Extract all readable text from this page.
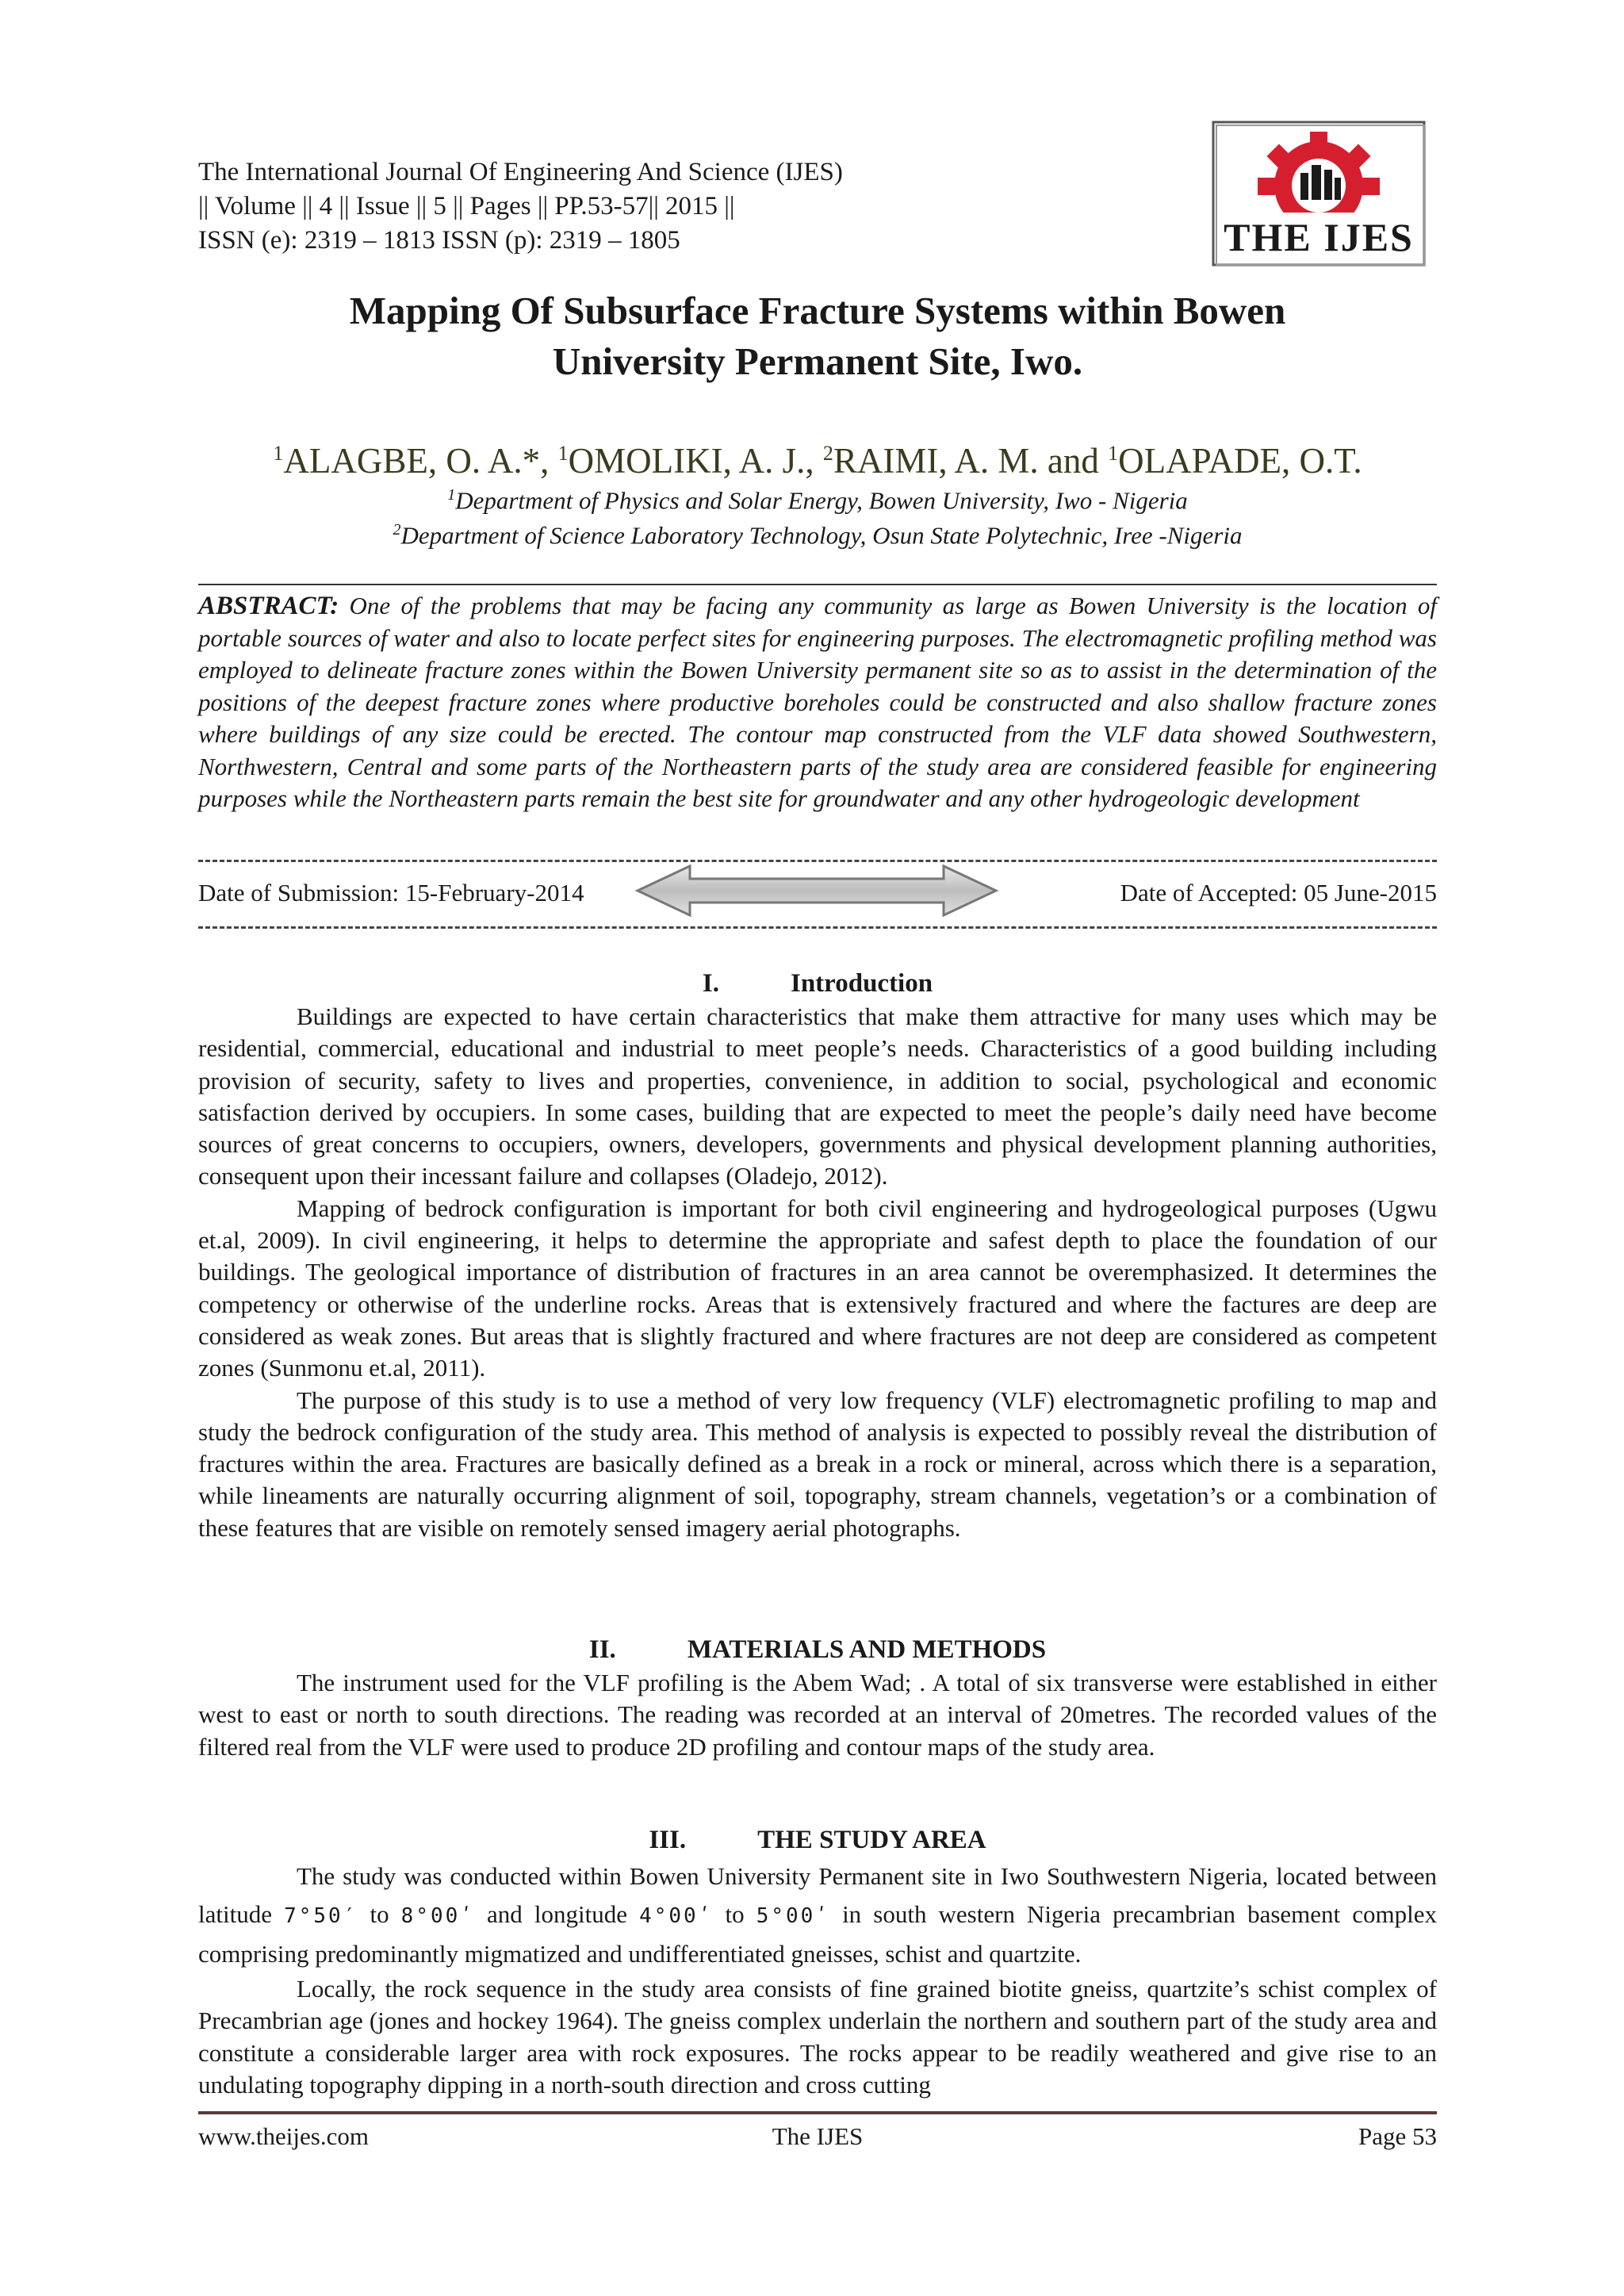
The International Journal Of Engineering And Science (IJES)
|| Volume || 4 || Issue || 5 || Pages || PP.53-57|| 2015 ||
ISSN (e): 2319 – 1813 ISSN (p): 2319 – 1805	THE IJES
Mapping Of Subsurface Fracture Systems within Bowen
University Permanent Site, Iwo.
$^1$ALAGBE, O. A.*, $^1$OMOLIKI, A. J., $^2$RAIMI, A. M. and $^1$OLAPADE, O.T.
$^1$Department of Physics and Solar Energy, Bowen University, Iwo - Nigeria
$^2$Department of Science Laboratory Technology, Osun State Polytechnic, Iree -Nigeria
ABSTRACT: One of the problems that may be facing any community as large as Bowen University is the location of portable sources of water and also to locate perfect sites for engineering purposes. The electromagnetic profiling method was employed to delineate fracture zones within the Bowen University permanent site so as to assist in the determination of the positions of the deepest fracture zones where productive boreholes could be constructed and also shallow fracture zones where buildings of any size could be erected. The contour map constructed from the VLF data showed Southwestern, Northwestern, Central and some parts of the Northeastern parts of the study area are considered feasible for engineering purposes while the Northeastern parts remain the best site for groundwater and any other hydrogeologic development
Date of Submission: 15-February-2014	Date of Accepted: 05 June-2015
I.	Introduction

Buildings are expected to have certain characteristics that make them attractive for many uses which may be residential, commercial, educational and industrial to meet people’s needs. Characteristics of a good building including provision of security, safety to lives and properties, convenience, in addition to social, psychological and economic satisfaction derived by occupiers. In some cases, building that are expected to meet the people’s daily need have become sources of great concerns to occupiers, owners, developers, governments and physical development planning authorities, consequent upon their incessant failure and collapses (Oladejo, 2012).

Mapping of bedrock configuration is important for both civil engineering and hydrogeological purposes (Ugwu et.al, 2009). In civil engineering, it helps to determine the appropriate and safest depth to place the foundation of our buildings. The geological importance of distribution of fractures in an area cannot be overemphasized. It determines the competency or otherwise of the underline rocks. Areas that is extensively fractured and where the factures are deep are considered as weak zones. But areas that is slightly fractured and where fractures are not deep are considered as competent zones (Sunmonu et.al, 2011).

The purpose of this study is to use a method of very low frequency (VLF) electromagnetic profiling to map and study the bedrock configuration of the study area. This method of analysis is expected to possibly reveal the distribution of fractures within the area. Fractures are basically defined as a break in a rock or mineral, across which there is a separation, while lineaments are naturally occurring alignment of soil, topography, stream channels, vegetation’s or a combination of these features that are visible on remotely sensed imagery aerial photographs.

II.	MATERIALS AND METHODS

The instrument used for the VLF profiling is the Abem Wad; . A total of six transverse were established in either west to east or north to south directions. The reading was recorded at an interval of 20metres. The recorded values of the filtered real from the VLF were used to produce 2D profiling and contour maps of the study area.

III.	THE STUDY AREA

The study was conducted within Bowen University Permanent site in Iwo Southwestern Nigeria, located between latitude 7°50′ to 8°00ʹ and longitude 4°00ʹ to 5°00ʹ in south western Nigeria precambrian basement complex comprising predominantly migmatized and undifferentiated gneisses, schist and quartzite.

Locally, the rock sequence in the study area consists of fine grained biotite gneiss, quartzite’s schist complex of Precambrian age (jones and hockey 1964). The gneiss complex underlain the northern and southern part of the study area and constitute a considerable larger area with rock exposures. The rocks appear to be readily weathered and give rise to an undulating topography dipping in a north-south direction and cross cutting

www.theijes.com	The IJES	Page 53
